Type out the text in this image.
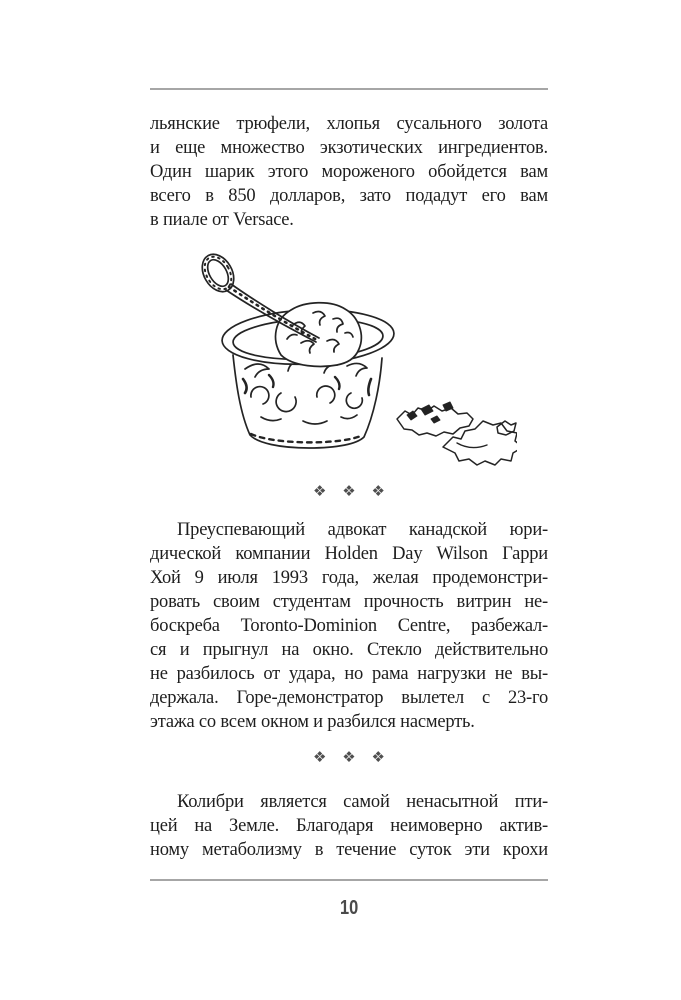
льянские трюфели, хлопья сусального золота
и еще множество экзотических ингредиентов.
Один шарик этого мороженого обойдется вам
всего в 850 долларов, зато подадут его вам
в пиале от Versace.
❖ ❖ ❖
Преуспевающий адвокат канадской юри-
дической компании Holden Day Wilson Гарри
Хой 9 июля 1993 года, желая продемонстри-
ровать своим студентам прочность витрин не-
боскреба Toronto-Dominion Centre, разбежал-
ся и прыгнул на окно. Стекло действительно
не разбилось от удара, но рама нагрузки не вы-
держала. Горе-демонстратор вылетел с 23-го
этажа со всем окном и разбился насмерть.
❖ ❖ ❖
Колибри является самой ненасытной пти-
цей на Земле. Благодаря неимоверно актив-
ному метаболизму в течение суток эти крохи
10
